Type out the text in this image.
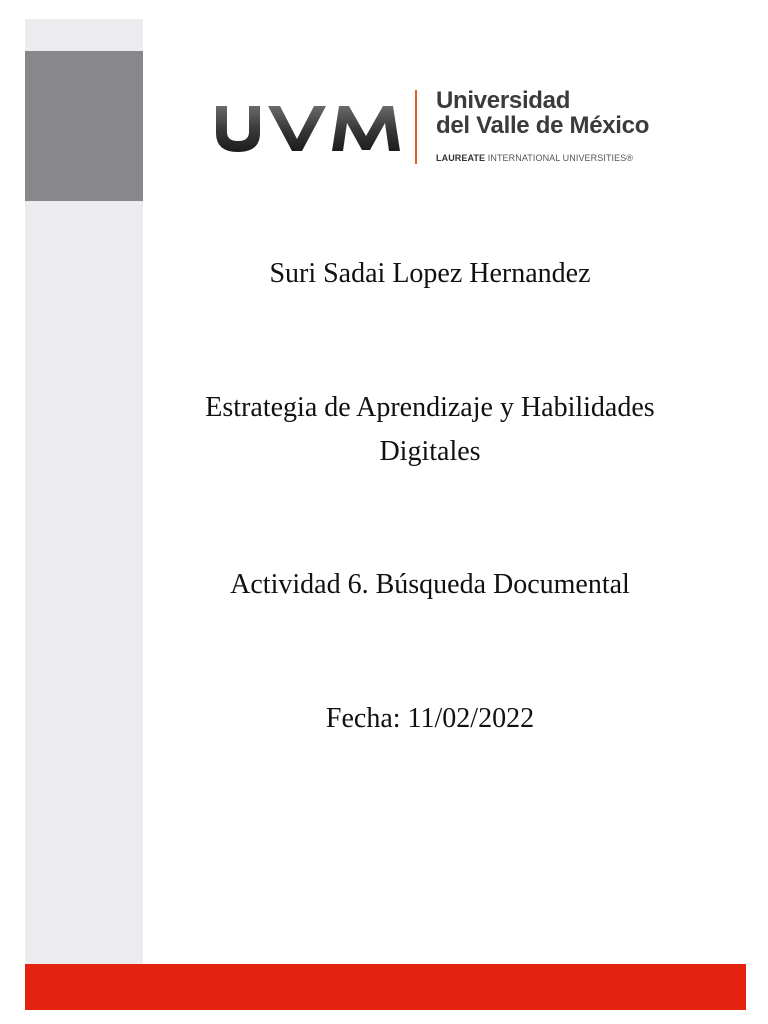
Universidad
del Valle de México
LAUREATE INTERNATIONAL UNIVERSITIES®
Suri Sadai Lopez Hernandez
Estrategia de Aprendizaje y Habilidades
Digitales
Actividad 6. Búsqueda Documental
Fecha: 11/02/2022
